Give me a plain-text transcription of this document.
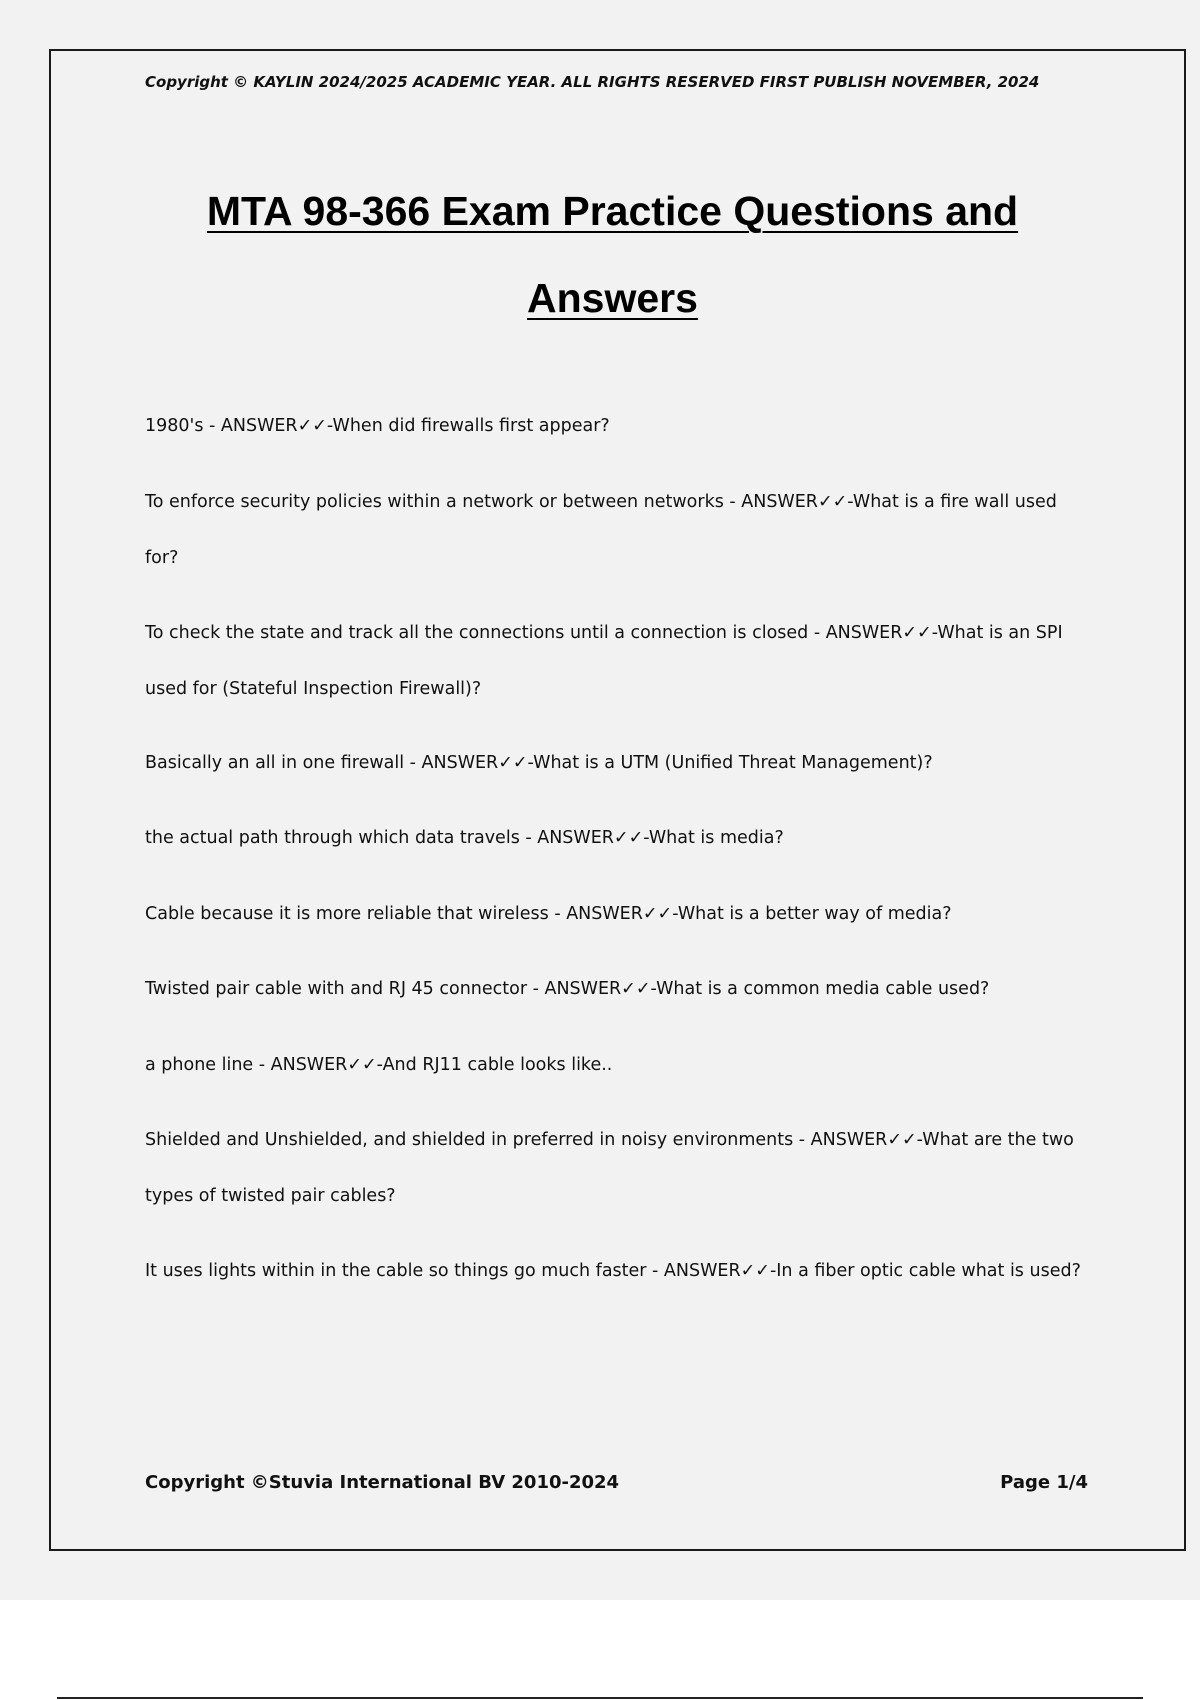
Copyright © KAYLIN 2024/2025 ACADEMIC YEAR. ALL RIGHTS RESERVED FIRST PUBLISH NOVEMBER, 2024
MTA 98-366 Exam Practice Questions and
Answers
1980's - ANSWER✓✓-When did firewalls first appear?
To enforce security policies within a network or between networks - ANSWER✓✓-What is a fire wall used for?
To check the state and track all the connections until a connection is closed - ANSWER✓✓-What is an SPI used for (Stateful Inspection Firewall)?
Basically an all in one firewall - ANSWER✓✓-What is a UTM (Unified Threat Management)?
the actual path through which data travels - ANSWER✓✓-What is media?
Cable because it is more reliable that wireless - ANSWER✓✓-What is a better way of media?
Twisted pair cable with and RJ 45 connector - ANSWER✓✓-What is a common media cable used?
a phone line - ANSWER✓✓-And RJ11 cable looks like..
Shielded and Unshielded, and shielded in preferred in noisy environments - ANSWER✓✓-What are the two types of twisted pair cables?
It uses lights within in the cable so things go much faster - ANSWER✓✓-In a fiber optic cable what is used?
Copyright ©Stuvia International BV 2010-2024	Page 1/4
